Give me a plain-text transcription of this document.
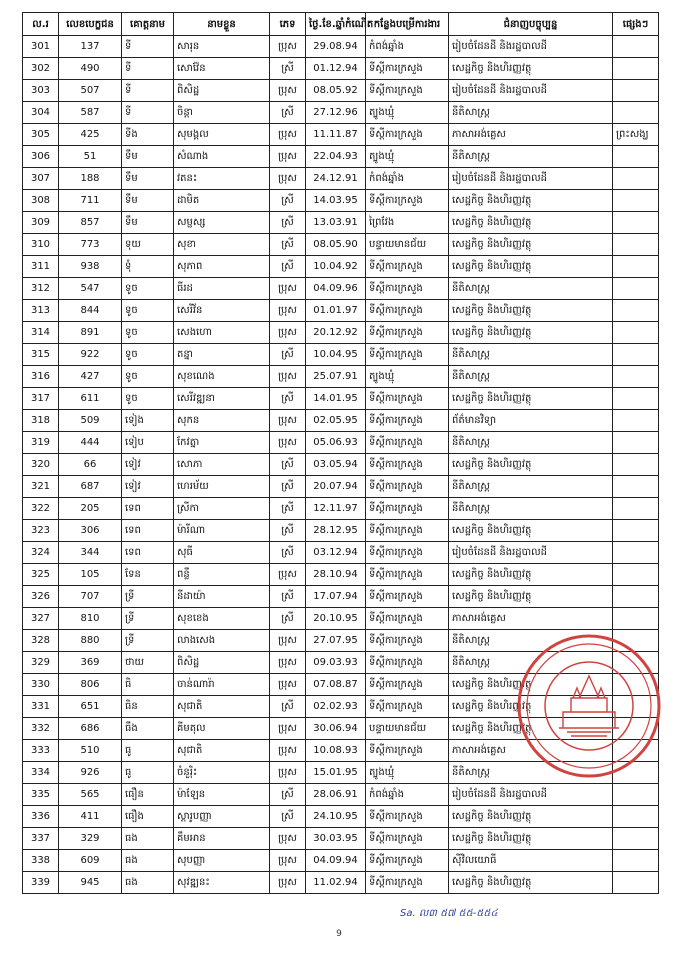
ល.រ	លេខបេក្ខជន	គោត្តនាម	នាមខ្លួន	ភេទ	ថ្ងៃ.ខែ.ឆ្នាំកំណើត	កន្លែងបម្រើការងារ	ជំនាញបច្ចុប្បន្ន	ផ្សេងៗ
301	137	ទី	សារុន	ប្រុស	29.08.94	កំពង់ឆ្នាំង	រៀបចំដែនដី និងរដ្ឋបាលដី	
302	490	ទី	សោវ៉ែន	ស្រី	01.12.94	ទីស្តីការក្រសួង	សេដ្ឋកិច្ច និងហិរញ្ញវត្ថុ	
303	507	ទី	ពិសិដ្ឋ	ប្រុស	08.05.92	ទីស្តីការក្រសួង	រៀបចំដែនដី និងរដ្ឋបាលដី	
304	587	ទី	ចិន្តា	ស្រី	27.12.96	ត្បូងឃ្មុំ	នីតិសាស្ត្រ	
305	425	ទីង	សុមង្គល	ប្រុស	11.11.87	ទីស្តីការក្រសួង	ភាសាអង់គ្លេស	ព្រះសង្ឃ
306	51	ទឹម	សំណាង	ប្រុស	22.04.93	ត្បូងឃ្មុំ	នីតិសាស្ត្រ	
307	188	ទឹម	វតនះ	ប្រុស	24.12.91	កំពង់ឆ្នាំង	រៀបចំដែនដី និងរដ្ឋបាលដី	
308	711	ទឹម	ដាមិត	ស្រី	14.03.95	ទីស្តីការក្រសួង	សេដ្ឋកិច្ច និងហិរញ្ញវត្ថុ	
309	857	ទឹម	សម្ផស្ស	ស្រី	13.03.91	ព្រៃវែង	សេដ្ឋកិច្ច និងហិរញ្ញវត្ថុ	
310	773	ទុយ	សុខា	ស្រី	08.05.90	បន្ទាយមានជ័យ	សេដ្ឋកិច្ច និងហិរញ្ញវត្ថុ	
311	938	ទុំ	សុភាព	ស្រី	10.04.92	ទីស្តីការក្រសួង	សេដ្ឋកិច្ច និងហិរញ្ញវត្ថុ	
312	547	ទូច	ធីរដ	ប្រុស	04.09.96	ទីស្តីការក្រសួង	នីតិសាស្ត្រ	
313	844	ទូច	សេរីវ័ន	ប្រុស	01.01.97	ទីស្តីការក្រសួង	សេដ្ឋកិច្ច និងហិរញ្ញវត្ថុ	
314	891	ទូច	សេងហោ	ប្រុស	20.12.92	ទីស្តីការក្រសួង	សេដ្ឋកិច្ច និងហិរញ្ញវត្ថុ	
315	922	ទូច	តន្នា	ស្រី	10.04.95	ទីស្តីការក្រសួង	នីតិសាស្ត្រ	
316	427	ទូច	សុខណេង	ប្រុស	25.07.91	ត្បូងឃ្មុំ	នីតិសាស្ត្រ	
317	611	ទូច	សេរីវឌ្ឍនា	ស្រី	14.01.95	ទីស្តីការក្រសួង	សេដ្ឋកិច្ច និងហិរញ្ញវត្ថុ	
318	509	ទៀង	សុកន	ប្រុស	02.05.95	ទីស្តីការក្រសួង	ព័ត៌មានវិទ្យា	
319	444	ទៀប	កែវត្នា	ប្រុស	05.06.93	ទីស្តីការក្រសួង	នីតិសាស្ត្រ	
320	66	ទៀវ	សោភា	ស្រី	03.05.94	ទីស្តីការក្រសួង	សេដ្ឋកិច្ច និងហិរញ្ញវត្ថុ	
321	687	ទៀវ	ហេរម័យ	ស្រី	20.07.94	ទីស្តីការក្រសួង	នីតិសាស្ត្រ	
322	205	ទេព	ស្រីកា	ស្រី	12.11.97	ទីស្តីការក្រសួង	នីតិសាស្ត្រ	
323	306	ទេព	ម៉ារីណា	ស្រី	28.12.95	ទីស្តីការក្រសួង	សេដ្ឋកិច្ច និងហិរញ្ញវត្ថុ	
324	344	ទេព	សុធី	ស្រី	03.12.94	ទីស្តីការក្រសួង	រៀបចំដែនដី និងរដ្ឋបាលដី	
325	105	ទែន	ពន្លឺ	ប្រុស	28.10.94	ទីស្តីការក្រសួង	សេដ្ឋកិច្ច និងហិរញ្ញវត្ថុ	
326	707	ទ្រី	នីដាយ៉ា	ស្រី	17.07.94	ទីស្តីការក្រសួង	សេដ្ឋកិច្ច និងហិរញ្ញវត្ថុ	
327	810	ទ្រី	សុខខេង	ស្រី	20.10.95	ទីស្តីការក្រសួង	ភាសាអង់គ្លេស	
328	880	ទ្រី	លាងសេង	ប្រុស	27.07.95	ទីស្តីការក្រសួង	នីតិសាស្ត្រ	
329	369	ថាយ	ពិសិដ្ឋ	ប្រុស	09.03.93	ទីស្តីការក្រសួង	នីតិសាស្ត្រ	
330	806	ធិ	ចាន់ណារ៉ា	ប្រុស	07.08.87	ទីស្តីការក្រសួង	សេដ្ឋកិច្ច និងហិរញ្ញវត្ថុ	
331	651	ធិន	សុជាតិ	ស្រី	02.02.93	ទីស្តីការក្រសួង	សេដ្ឋកិច្ច និងហិរញ្ញវត្ថុ	
332	686	ធឹង	គីមតុល	ប្រុស	30.06.94	បន្ទាយមានជ័យ	សេដ្ឋកិច្ច និងហិរញ្ញវត្ថុ	
333	510	ធូ	សុជាតិ	ប្រុស	10.08.93	ទីស្តីការក្រសួង	ភាសាអង់គ្លេស	
334	926	ធូ	ចំនួរ៉ិះ	ប្រុស	15.01.95	ត្បូងឃ្មុំ	នីតិសាស្ត្រ	
335	565	ធឿន	ម៉ាឡែន	ស្រី	28.06.91	កំពង់ឆ្នាំង	រៀបចំដែនដី និងរដ្ឋបាលដី	
336	411	ធឿង	ស្ដារូបញ្ញា	ស្រី	24.10.95	ទីស្តីការក្រសួង	សេដ្ឋកិច្ច និងហិរញ្ញវត្ថុ	
337	329	ធង	គឹមអាន	ប្រុស	30.03.95	ទីស្តីការក្រសួង	សេដ្ឋកិច្ច និងហិរញ្ញវត្ថុ	
338	609	ធង	សុបញ្ញា	ប្រុស	04.09.94	ទីស្តីការក្រសួង	ស៊ីវិលយោធី	
339	945	ធង	សុវឌ្ឍនះ	ប្រុស	11.02.94	ទីស្តីការក្រសួង	សេដ្ឋកិច្ច និងហិរញ្ញវត្ថុ	
Sa. ល៣ ៥៧ ៥៥-៥៥៤
9
